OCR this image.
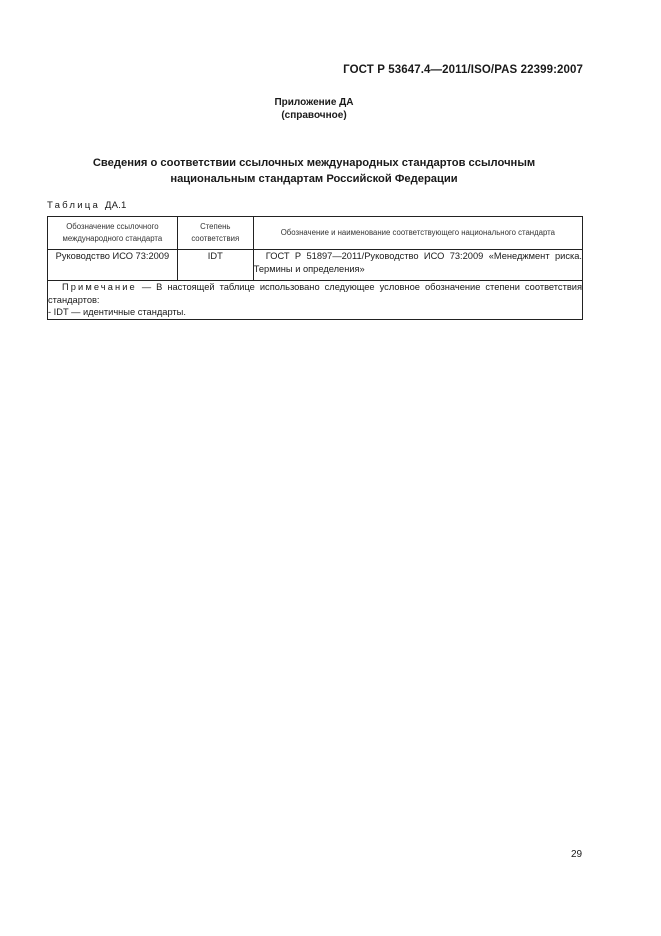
ГОСТ Р 53647.4—2011/ISO/PAS 22399:2007
Приложение ДА
(справочное)
Сведения о соответствии ссылочных международных стандартов ссылочным
национальным стандартам Российской Федерации
Таблица ДА.1
Обозначение ссылочного международного стандарта	Степень соответствия	Обозначение и наименование соответствующего национального стандарта
Руководство ИСО 73:2009	IDT	ГОСТ Р 51897—2011/Руководство ИСО 73:2009 «Менеджмент риска. Термины и определения»

Примечание — В настоящей таблице использовано следующее условное обозначение степени соответствия стандартов:
- IDT — идентичные стандарты.		
29
